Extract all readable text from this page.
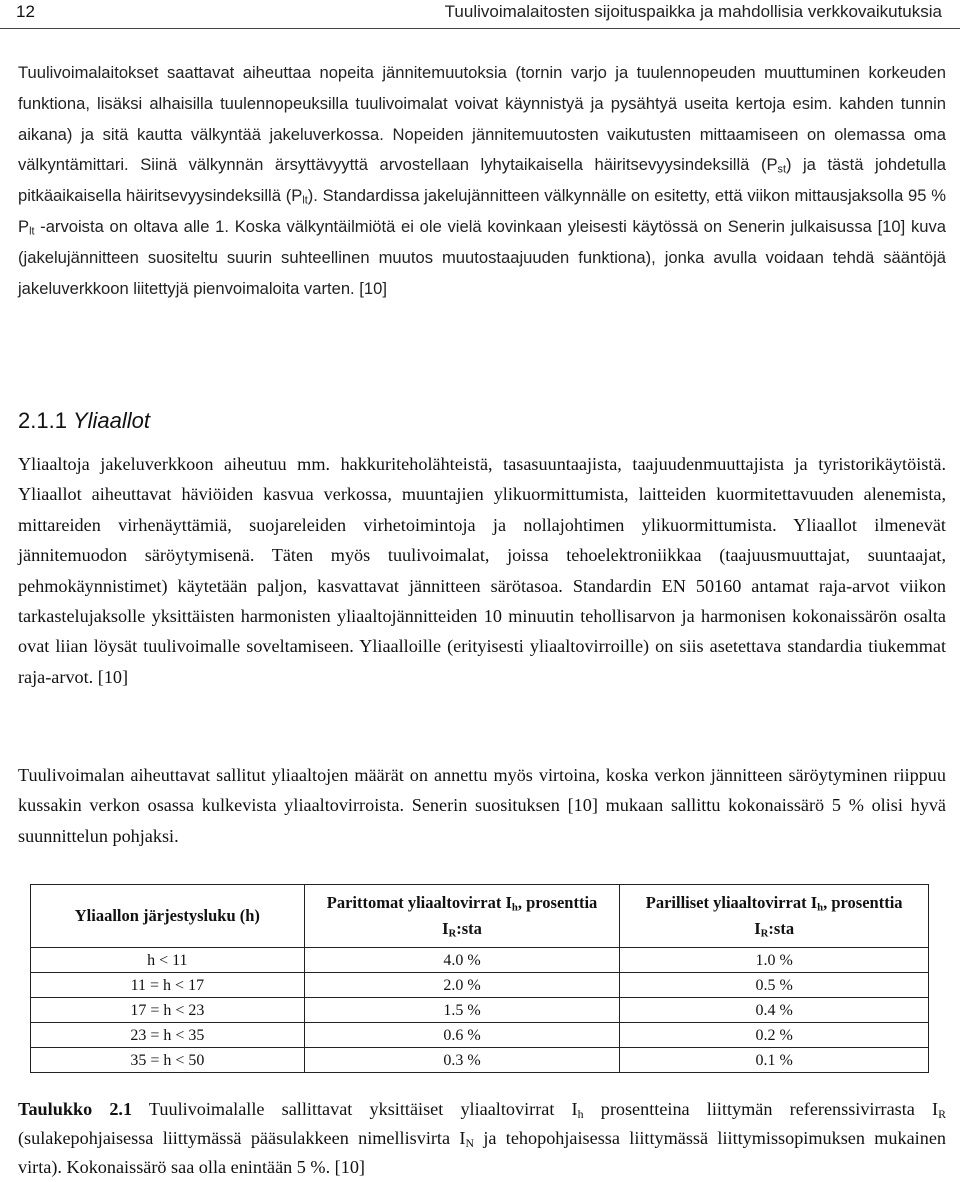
12	Tuulivoimalaitosten sijoituspaikka ja mahdollisia verkkovaikutuksia

Tuulivoimalaitokset saattavat aiheuttaa nopeita jännitemuutoksia (tornin varjo ja tuulennopeuden muuttuminen korkeuden funktiona, lisäksi alhaisilla tuulennopeuksilla tuulivoimalat voivat käynnistyä ja pysähtyä useita kertoja esim. kahden tunnin aikana) ja sitä kautta välkyntää jakeluverkossa. Nopeiden jännitemuutosten vaikutusten mittaamiseen on olemassa oma välkyntämittari. Siinä välkynnän ärsyttävyyttä arvostellaan lyhytaikaisella häiritsevyysindeksillä $(P_{st})$ ja tästä johdetulla pitkäaikaisella häiritsevyysindeksillä $(P_{lt})$. Standardissa jakelujännitteen välkynnälle on esitetty, että viikon mittausjaksolla 95 % $P_{lt}$ -arvoista on oltava alle 1. Koska välkyntäilmiötä ei ole vielä kovinkaan yleisesti käytössä on Senerin julkaisussa [10] kuva (jakelujännitteen suositeltu suurin suhteellinen muutos muutostaajuuden funktiona), jonka avulla voidaan tehdä sääntöjä jakeluverkkoon liitettyjä pienvoimaloita varten. [10]

2.1.1 Yliaallot

Yliaaltoja jakeluverkkoon aiheutuu mm. hakkuriteholähteistä, tasasuuntaajista, taajuudenmuuttajista ja tyristorikäytöistä. Yliaallot aiheuttavat häviöiden kasvua verkossa, muuntajien ylikuormittumista, laitteiden kuormitettavuuden alenemista, mittareiden virhenäyttämiä, suojareleiden virhetoimintoja ja nollajohtimen ylikuormittumista. Yliaallot ilmenevät jännitemuodon säröytymisenä. Täten myös tuulivoimalat, joissa tehoelektroniikkaa (taajuusmuuttajat, suuntaajat, pehmokäynnistimet) käytetään paljon, kasvattavat jännitteen särötasoa. Standardin EN 50160 antamat raja-arvot viikon tarkastelujaksolle yksittäisten harmonisten yliaaltojännitteiden 10 minuutin tehollisarvon ja harmonisen kokonaissärön osalta ovat liian löysät tuulivoimalle soveltamiseen. Yliaalloille (erityisesti yliaaltovirroille) on siis asetettava standardia tiukemmat raja-arvot. [10]

Tuulivoimalan aiheuttavat sallitut yliaaltojen määrät on annettu myös virtoina, koska verkon jännitteen säröytyminen riippuu kussakin verkon osassa kulkevista yliaaltovirroista. Senerin suosituksen [10] mukaan sallittu kokonaissärö 5 % olisi hyvä suunnittelun pohjaksi.

Yliaallon järjestysluku (h)	Parittomat yliaaltovirrat $I_h$, prosenttia $I_R:sta$	Parilliset yliaaltovirrat $I_h$, prosenttia $I_R:sta$
h < 11	4.0 %	1.0 %
11 = h < 17	2.0 %	0.5 %
17 = h < 23	1.5 %	0.4 %
23 = h < 35	0.6 %	0.2 %
35 = h < 50	0.3 %	0.1 %

Taulukko 2.1 Tuulivoimalalle sallittavat yksittäiset yliaaltovirrat $I_h$ prosentteina liittymän referenssivirrasta $I_R$ (sulakepohjaisessa liittymässä pääsulakkeen nimellisvirta $I_N$ ja tehopohjaisessa liittymässä liittymissopimuksen mukainen virta). Kokonaissärö saa olla enintään 5 %. [10]
